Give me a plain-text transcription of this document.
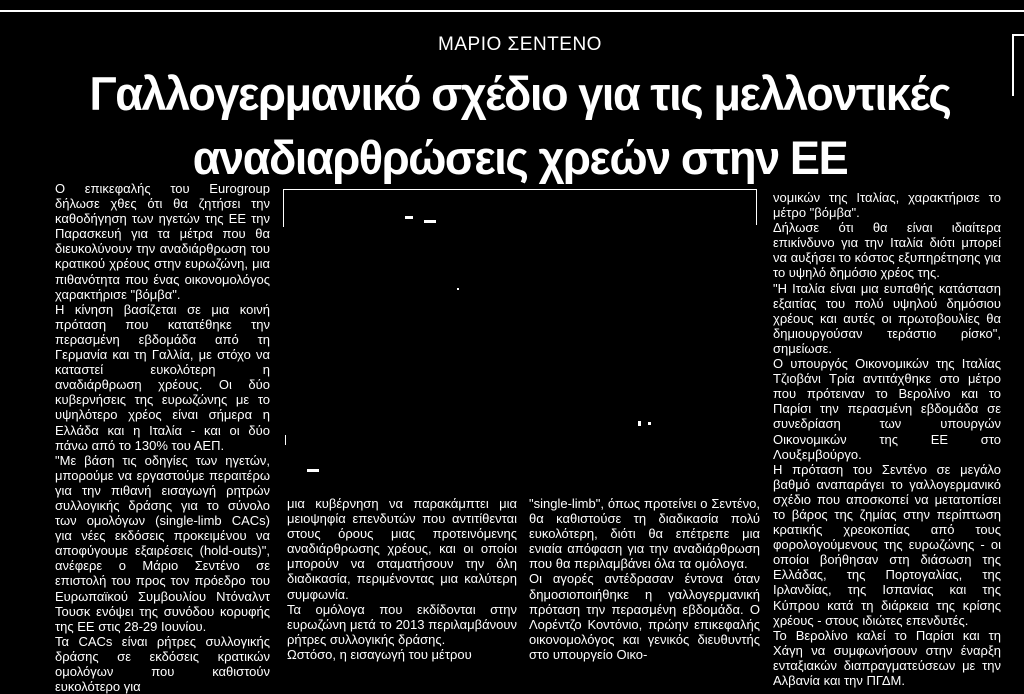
ΜΑΡΙΟ ΣΕΝΤΕΝΟ
Γαλλογερμανικό σχέδιο για τις μελλοντικές
αναδιαρθρώσεις χρεών στην ΕΕ
Ο επικεφαλής του Eurogroup δήλωσε χθες ότι θα ζητήσει την καθοδήγηση των ηγετών της ΕΕ την Παρασκευή για τα μέτρα που θα διευκολύνουν την αναδιάρθρωση του κρατικού χρέους στην ευρωζώνη, μια πιθανότητα που ένας οικονομολόγος χαρακτήρισε "βόμβα".
Η κίνηση βασίζεται σε μια κοινή πρόταση που κατατέθηκε την περασμένη εβδομάδα από τη Γερμανία και τη Γαλλία, με στόχο να καταστεί ευκολότερη η αναδιάρθρωση χρέους. Οι δύο κυβερνήσεις της ευρωζώνης με το υψηλότερο χρέος είναι σήμερα η Ελλάδα και η Ιταλία - και οι δύο πάνω από το 130% του ΑΕΠ.
"Με βάση τις οδηγίες των ηγετών, μπορούμε να εργαστούμε περαιτέρω για την πιθανή εισαγωγή ρητρών συλλογικής δράσης για το σύνολο των ομολόγων (single-limb CACs) για νέες εκδόσεις προκειμένου να αποφύγουμε εξαιρέσεις (hold-outs)", ανέφερε ο Μάριο Σεντένο σε επιστολή του προς τον πρόεδρο του Ευρωπαϊκού Συμβουλίου Ντόναλντ Τουσκ ενόψει της συνόδου κορυφής της ΕΕ στις 28-29 Ιουνίου.
Τα CACs είναι ρήτρες συλλογικής δράσης σε εκδόσεις κρατικών ομολόγων που καθιστούν ευκολότερο για
μια κυβέρνηση να παρακάμπτει μια μειοψηφία επενδυτών που αντιτίθενται στους όρους μιας προτεινόμενης αναδιάρθρωσης χρέους, και οι οποίοι μπορούν να σταματήσουν την όλη διαδικασία, περιμένοντας μια καλύτερη συμφωνία.
Τα ομόλογα που εκδίδονται στην ευρωζώνη μετά το 2013 περιλαμβάνουν ρήτρες συλλογικής δράσης.
Ωστόσο, η εισαγωγή του μέτρου
"single-limb", όπως προτείνει ο Σεντένο, θα καθιστούσε τη διαδικασία πολύ ευκολότερη, διότι θα επέτρεπε μια ενιαία απόφαση για την αναδιάρθρωση που θα περιλαμβάνει όλα τα ομόλογα.
Οι αγορές αντέδρασαν έντονα όταν δημοσιοποιήθηκε η γαλλογερμανική πρόταση την περασμένη εβδομάδα. Ο Λορέντζο Κοντόνιο, πρώην επικεφαλής οικονομολόγος και γενικός διευθυντής στο υπουργείο Οικο-
νομικών της Ιταλίας, χαρακτήρισε το μέτρο "βόμβα".
Δήλωσε ότι θα είναι ιδιαίτερα επικίνδυνο για την Ιταλία διότι μπορεί να αυξήσει το κόστος εξυπηρέτησης για το υψηλό δημόσιο χρέος της.
"Η Ιταλία είναι μια ευπαθής κατάσταση εξαιτίας του πολύ υψηλού δημόσιου χρέους και αυτές οι πρωτοβουλίες θα δημιουργούσαν τεράστιο ρίσκο", σημείωσε.
Ο υπουργός Οικονομικών της Ιταλίας Τζιοβάνι Τρία αντιτάχθηκε στο μέτρο που πρότειναν το Βερολίνο και το Παρίσι την περασμένη εβδομάδα σε συνεδρίαση των υπουργών Οικονομικών της ΕΕ στο Λουξεμβούργο.
Η πρόταση του Σεντένο σε μεγάλο βαθμό αναπαράγει το γαλλογερμανικό σχέδιο που αποσκοπεί να μετατοπίσει το βάρος της ζημίας στην περίπτωση κρατικής χρεοκοπίας από τους φορολογούμενους της ευρωζώνης - οι οποίοι βοήθησαν στη διάσωση της Ελλάδας, της Πορτογαλίας, της Ιρλανδίας, της Ισπανίας και της Κύπρου κατά τη διάρκεια της κρίσης χρέους - στους ιδιώτες επενδυτές.
Το Βερολίνο καλεί το Παρίσι και τη Χάγη να συμφωνήσουν στην έναρξη ενταξιακών διαπραγματεύσεων με την Αλβανία και την ΠΓΔΜ.
